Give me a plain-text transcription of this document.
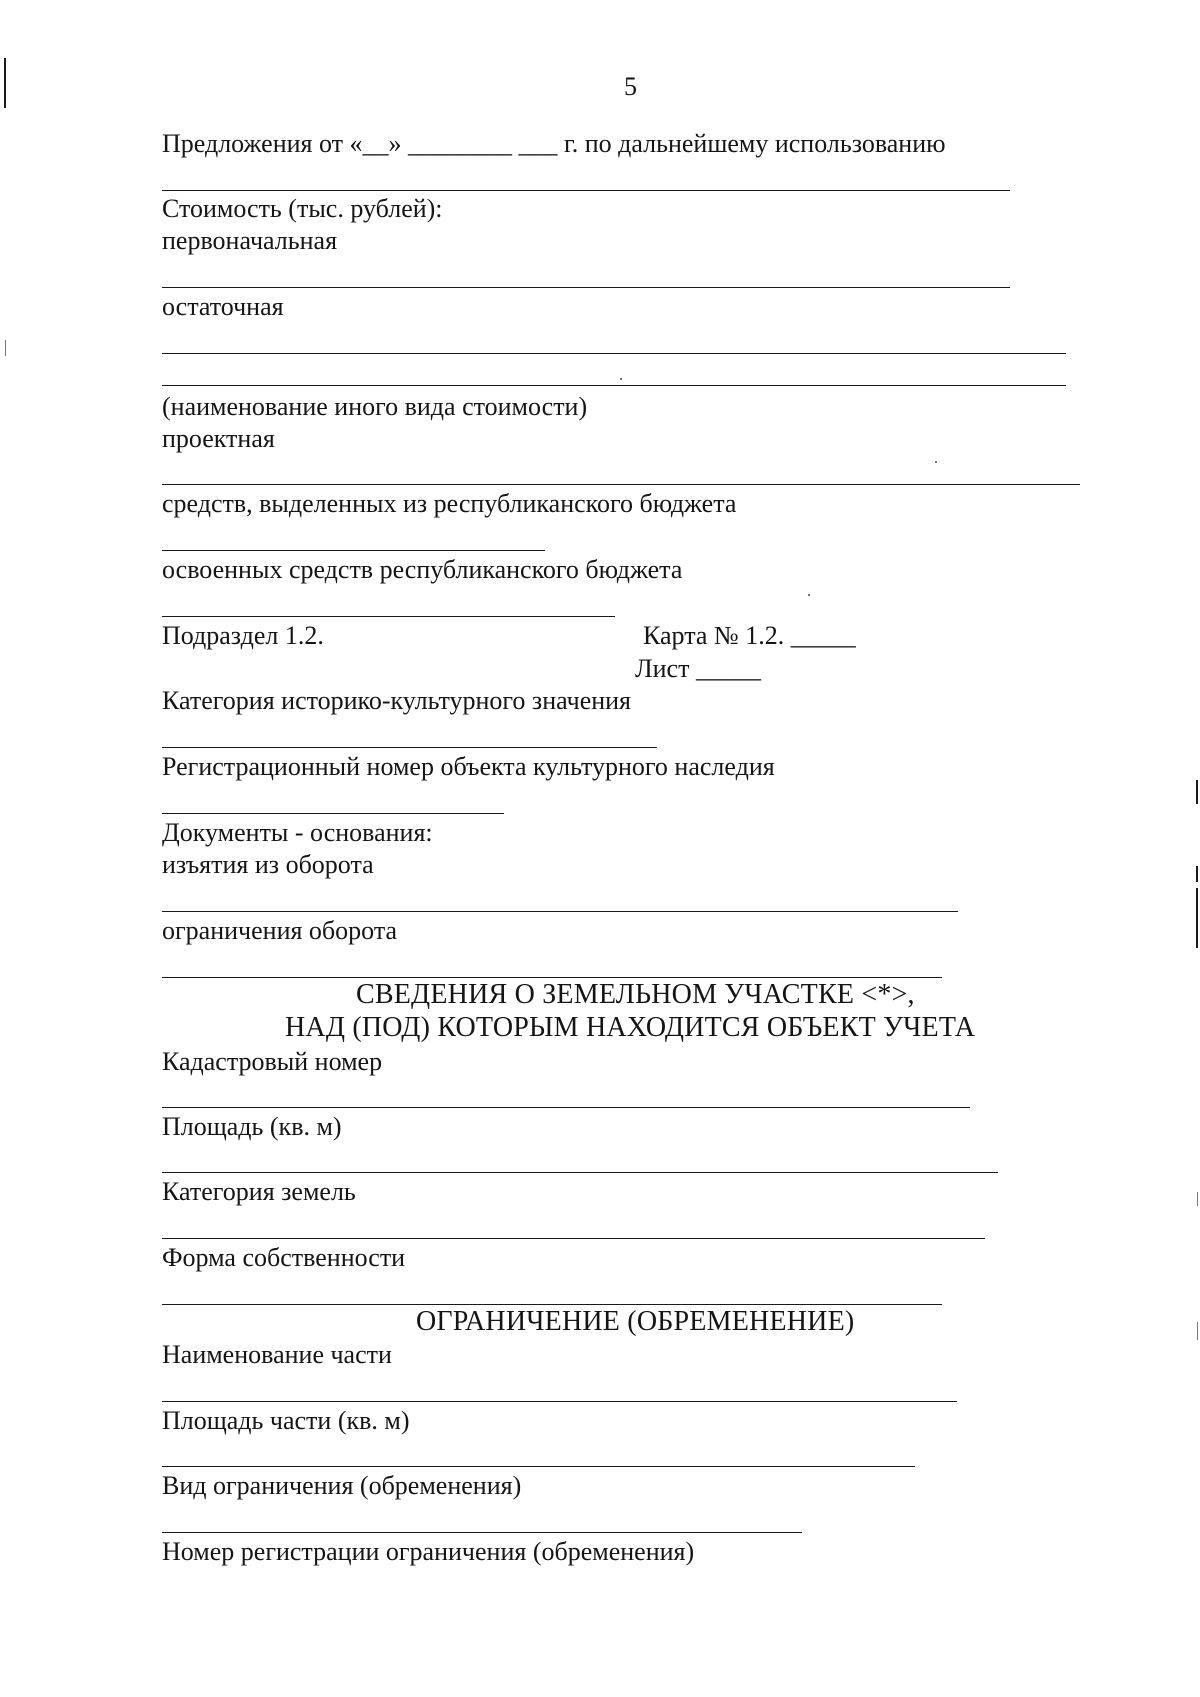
5
Предложения от «__» ________ ___ г. по дальнейшему использованию
Стоимость (тыс. рублей):
первоначальная
остаточная
(наименование иного вида стоимости)
проектная
средств, выделенных из республиканского бюджета
освоенных средств республиканского бюджета
Подраздел 1.2.	Карта № 1.2. _____
Лист _____
Категория историко-культурного значения
Регистрационный номер объекта культурного наследия
Документы - основания:
изъятия из оборота
ограничения оборота
СВЕДЕНИЯ О ЗЕМЕЛЬНОМ УЧАСТКЕ <*>,
НАД (ПОД) КОТОРЫМ НАХОДИТСЯ ОБЪЕКТ УЧЕТА
Кадастровый номер
Площадь (кв. м)
Категория земель
Форма собственности
ОГРАНИЧЕНИЕ (ОБРЕМЕНЕНИЕ)
Наименование части
Площадь части (кв. м)
Вид ограничения (обременения)
Номер регистрации ограничения (обременения)
